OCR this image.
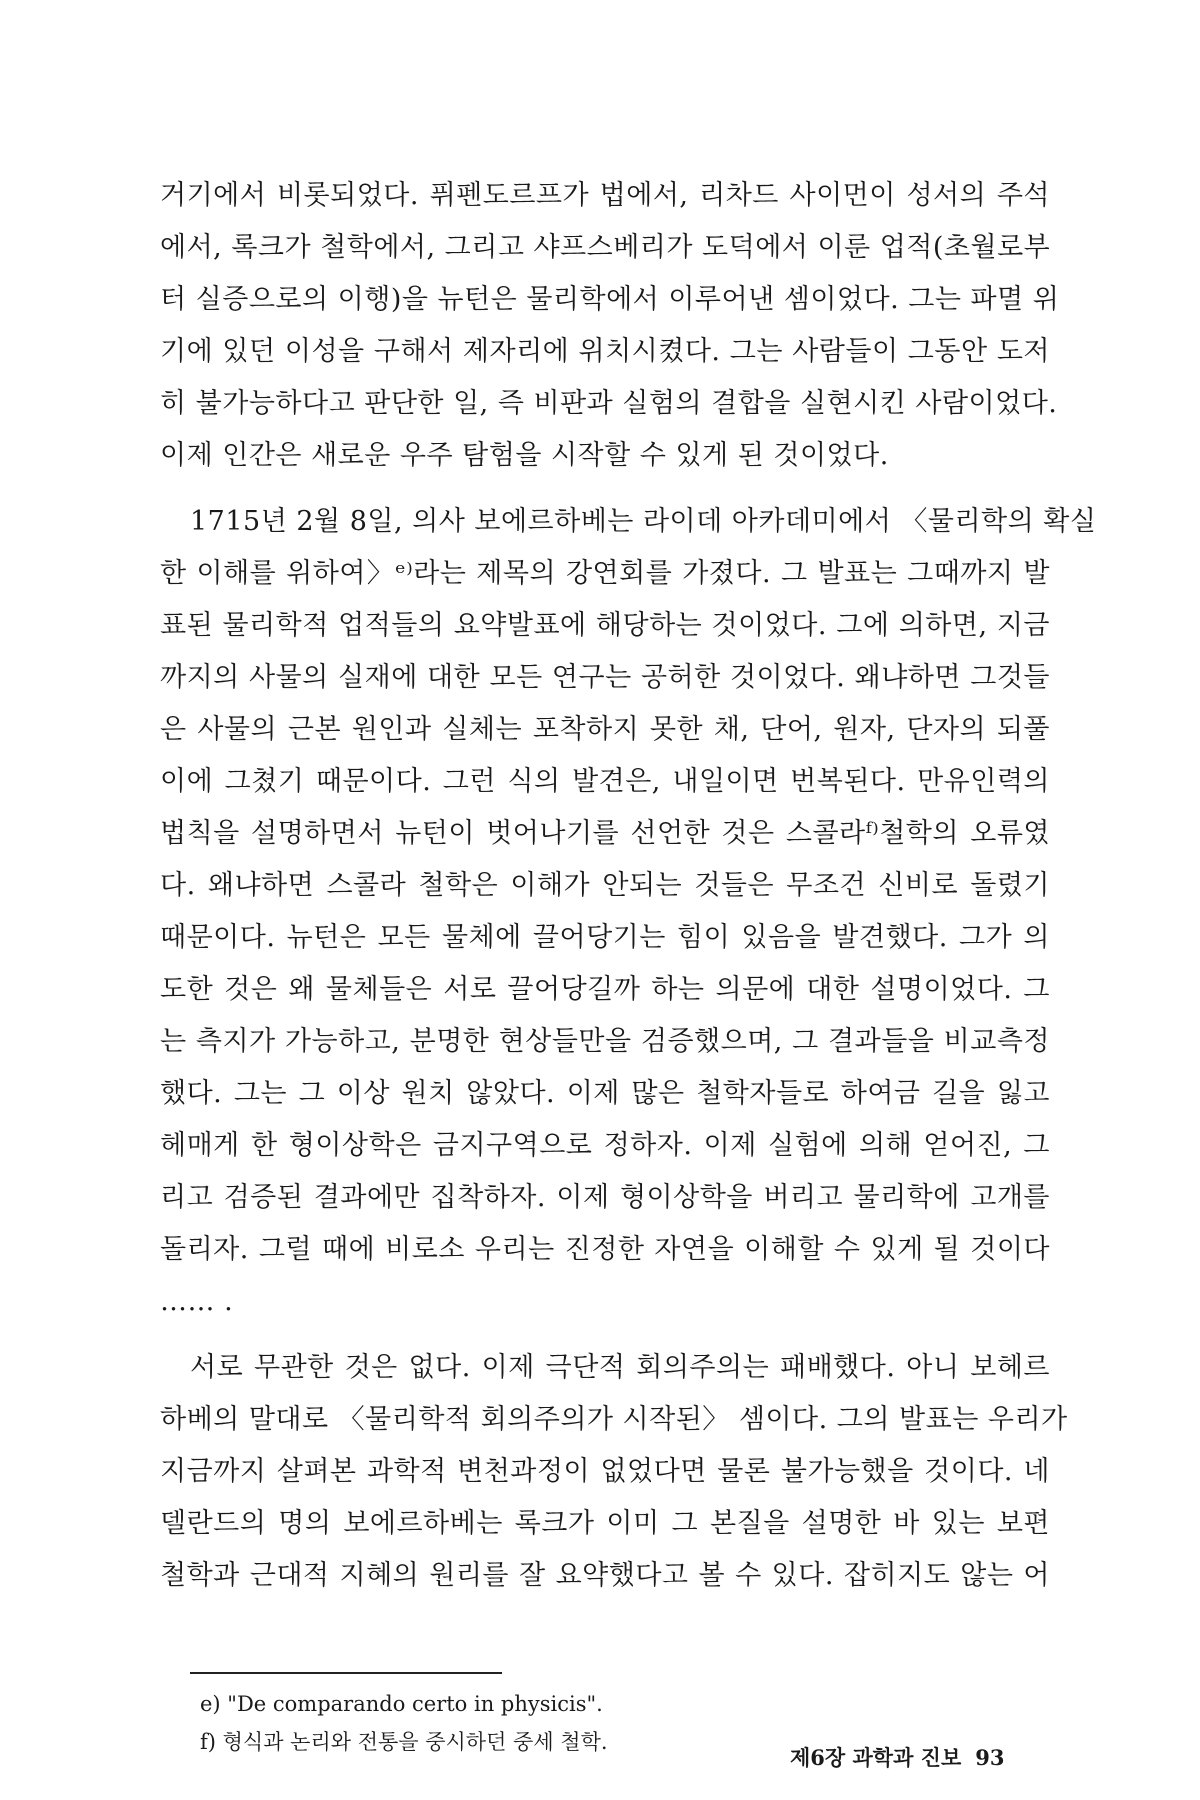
거기에서 비롯되었다. 퓌펜도르프가 법에서, 리차드 사이먼이 성서의 주석
에서, 록크가 철학에서, 그리고 샤프스베리가 도덕에서 이룬 업적(초월로부
터 실증으로의 이행)을 뉴턴은 물리학에서 이루어낸 셈이었다. 그는 파멸 위
기에 있던 이성을 구해서 제자리에 위치시켰다. 그는 사람들이 그동안 도저
히 불가능하다고 판단한 일, 즉 비판과 실험의 결합을 실현시킨 사람이었다.
이제 인간은 새로운 우주 탐험을 시작할 수 있게 된 것이었다.
1715년 2월 8일, 의사 보에르하베는 라이데 아카데미에서 〈물리학의 확실
한 이해를 위하여〉ᵉ⁾라는 제목의 강연회를 가졌다. 그 발표는 그때까지 발
표된 물리학적 업적들의 요약발표에 해당하는 것이었다. 그에 의하면, 지금
까지의 사물의 실재에 대한 모든 연구는 공허한 것이었다. 왜냐하면 그것들
은 사물의 근본 원인과 실체는 포착하지 못한 채, 단어, 원자, 단자의 되풀
이에 그쳤기 때문이다. 그런 식의 발견은, 내일이면 번복된다. 만유인력의
법칙을 설명하면서 뉴턴이 벗어나기를 선언한 것은 스콜라ᶠ⁾철학의 오류였
다. 왜냐하면 스콜라 철학은 이해가 안되는 것들은 무조건 신비로 돌렸기
때문이다. 뉴턴은 모든 물체에 끌어당기는 힘이 있음을 발견했다. 그가 의
도한 것은 왜 물체들은 서로 끌어당길까 하는 의문에 대한 설명이었다. 그
는 측지가 가능하고, 분명한 현상들만을 검증했으며, 그 결과들을 비교측정
했다. 그는 그 이상 원치 않았다. 이제 많은 철학자들로 하여금 길을 잃고
헤매게 한 형이상학은 금지구역으로 정하자. 이제 실험에 의해 얻어진, 그
리고 검증된 결과에만 집착하자. 이제 형이상학을 버리고 물리학에 고개를
돌리자. 그럴 때에 비로소 우리는 진정한 자연을 이해할 수 있게 될 것이다
…… .
서로 무관한 것은 없다. 이제 극단적 회의주의는 패배했다. 아니 보헤르
하베의 말대로 〈물리학적 회의주의가 시작된〉 셈이다. 그의 발표는 우리가
지금까지 살펴본 과학적 변천과정이 없었다면 물론 불가능했을 것이다. 네
델란드의 명의 보에르하베는 록크가 이미 그 본질을 설명한 바 있는 보편
철학과 근대적 지혜의 원리를 잘 요약했다고 볼 수 있다. 잡히지도 않는 어
e) "De comparando certo in physicis".
f) 형식과 논리와 전통을 중시하던 중세 철학.
제6장 과학과 진보 93
